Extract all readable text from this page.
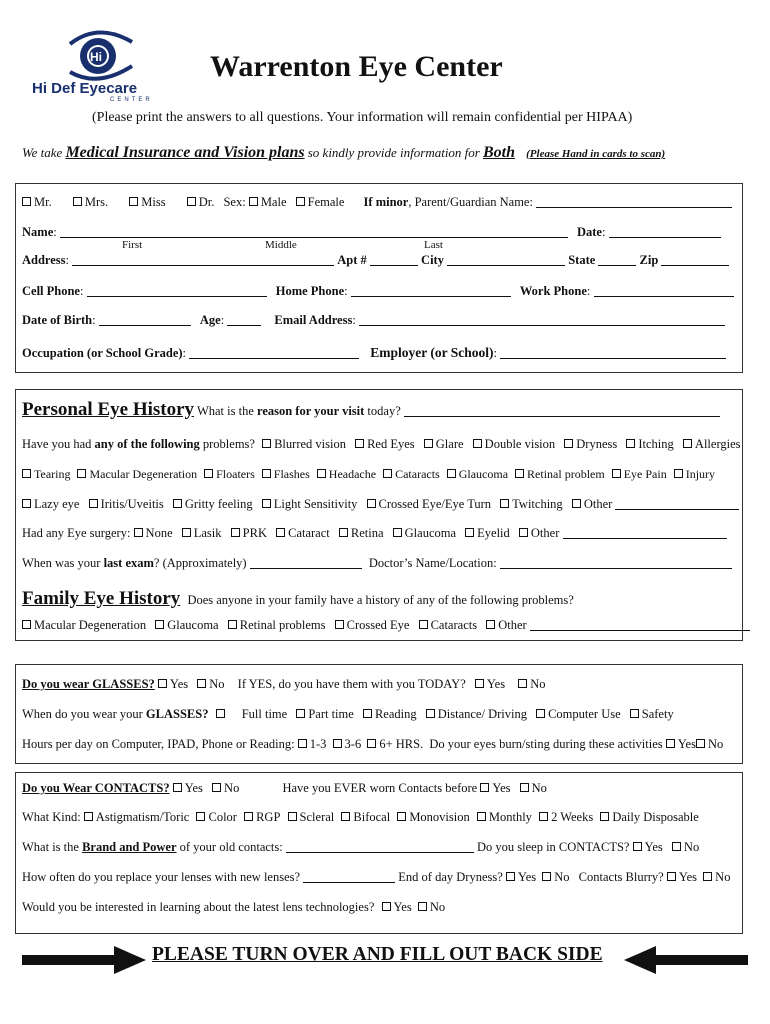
Hi
Hi Def Eyecare
CENTER
Warrenton Eye Center
(Please print the answers to all questions. Your information will remain confidential per HIPAA)
We take Medical Insurance and Vision plans so kindly provide information for Both (Please Hand in cards to scan)
Mr.	Mrs.	Miss	Dr. Sex: Male Female If minor, Parent/Guardian Name:
Name:	Date:
First	Middle	Last
Address:	Apt #	City	State	Zip
Cell Phone:	Home Phone:	Work Phone:
Date of Birth:	Age:	Email Address:
Occupation (or School Grade):	Employer (or School):
Personal Eye History What is the reason for your visit today?
Have you had any of the following problems? Blurred vision Red Eyes Glare Double vision Dryness Itching Allergies
Tearing Macular Degeneration Floaters Flashes Headache Cataracts Glaucoma Retinal problem Eye Pain Injury
Lazy eye Iritis/Uveitis Gritty feeling Light Sensitivity Crossed Eye/Eye Turn Twitching Other
Had any Eye surgery: None Lasik PRK Cataract Retina Glaucoma Eyelid Other
When was your last exam? (Approximately)	Doctor’s Name/Location:
Family Eye History Does anyone in your family have a history of any of the following problems?
Macular Degeneration Glaucoma Retinal problems Crossed Eye Cataracts Other
Do you wear GLASSES? Yes No If YES, do you have them with you TODAY? Yes No
When do you wear your GLASSES?	Full time Part time Reading Distance/ Driving Computer Use Safety
Hours per day on Computer, IPAD, Phone or Reading: 1-3 3-6 6+ HRS. Do your eyes burn/sting during these activities Yes No
Do you Wear CONTACTS? Yes No	Have you EVER worn Contacts before Yes No
What Kind: Astigmatism/Toric Color RGP Scleral Bifocal Monovision Monthly 2 Weeks Daily Disposable
What is the Brand and Power of your old contacts:	Do you sleep in CONTACTS? Yes No
How often do you replace your lenses with new lenses?	End of day Dryness? Yes No Contacts Blurry? Yes No
Would you be interested in learning about the latest lens technologies? Yes No
PLEASE TURN OVER AND FILL OUT BACK SIDE
